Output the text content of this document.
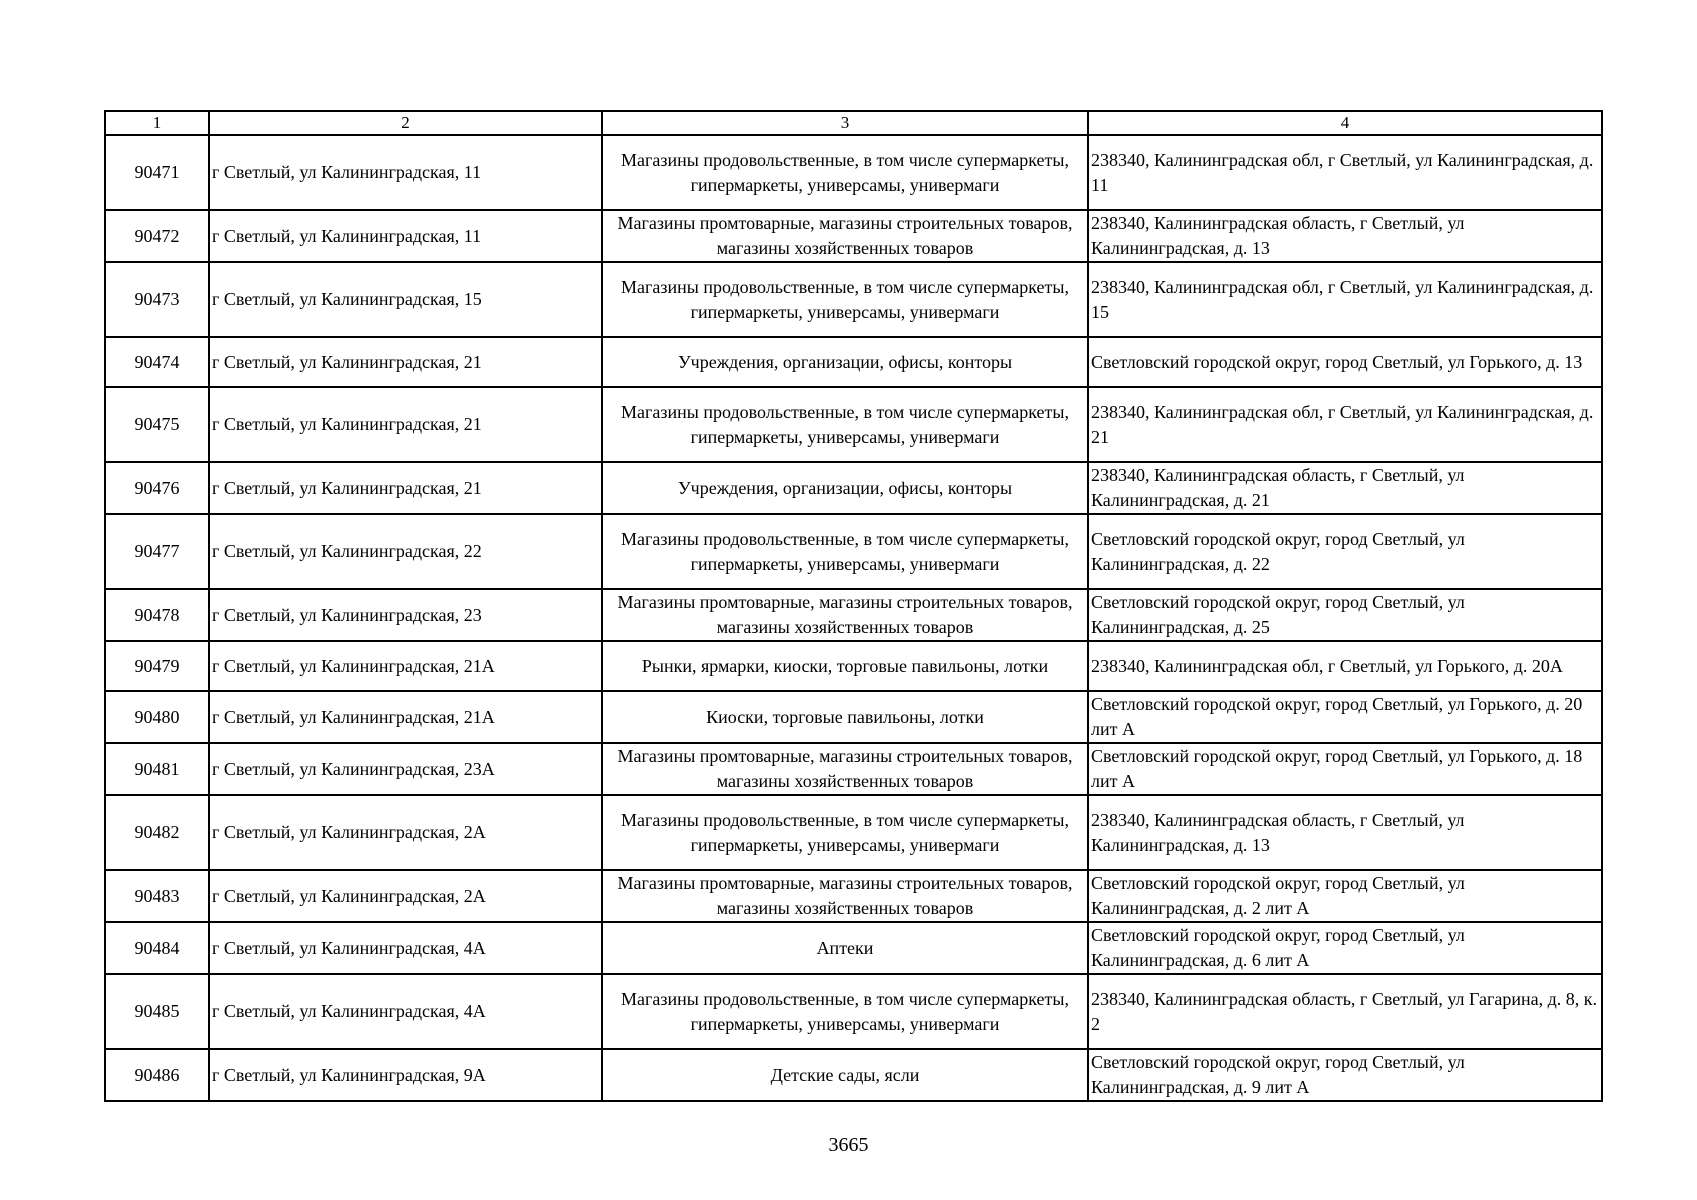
1	2	3	4
90471	г Светлый, ул Калининградская, 11	Магазины продовольственные, в том числе супермаркеты, гипермаркеты, универсамы, универмаги	238340, Калининградская обл, г Светлый, ул Калининградская, д. 11
90472	г Светлый, ул Калининградская, 11	Магазины промтоварные, магазины строительных товаров, магазины хозяйственных товаров	238340, Калининградская область, г Светлый, ул Калининградская, д. 13
90473	г Светлый, ул Калининградская, 15	Магазины продовольственные, в том числе супермаркеты, гипермаркеты, универсамы, универмаги	238340, Калининградская обл, г Светлый, ул Калининградская, д. 15
90474	г Светлый, ул Калининградская, 21	Учреждения, организации, офисы, конторы	Светловский городской округ, город Светлый, ул Горького, д. 13
90475	г Светлый, ул Калининградская, 21	Магазины продовольственные, в том числе супермаркеты, гипермаркеты, универсамы, универмаги	238340, Калининградская обл, г Светлый, ул Калининградская, д. 21
90476	г Светлый, ул Калининградская, 21	Учреждения, организации, офисы, конторы	238340, Калининградская область, г Светлый, ул Калининградская, д. 21
90477	г Светлый, ул Калининградская, 22	Магазины продовольственные, в том числе супермаркеты, гипермаркеты, универсамы, универмаги	Светловский городской округ, город Светлый, ул Калининградская, д. 22
90478	г Светлый, ул Калининградская, 23	Магазины промтоварные, магазины строительных товаров, магазины хозяйственных товаров	Светловский городской округ, город Светлый, ул Калининградская, д. 25
90479	г Светлый, ул Калининградская, 21А	Рынки, ярмарки, киоски, торговые павильоны, лотки	238340, Калининградская обл, г Светлый, ул Горького, д. 20А
90480	г Светлый, ул Калининградская, 21А	Киоски, торговые павильоны, лотки	Светловский городской округ, город Светлый, ул Горького, д. 20 лит А
90481	г Светлый, ул Калининградская, 23А	Магазины промтоварные, магазины строительных товаров, магазины хозяйственных товаров	Светловский городской округ, город Светлый, ул Горького, д. 18 лит А
90482	г Светлый, ул Калининградская, 2А	Магазины продовольственные, в том числе супермаркеты, гипермаркеты, универсамы, универмаги	238340, Калининградская область, г Светлый, ул Калининградская, д. 13
90483	г Светлый, ул Калининградская, 2А	Магазины промтоварные, магазины строительных товаров, магазины хозяйственных товаров	Светловский городской округ, город Светлый, ул Калининградская, д. 2 лит А
90484	г Светлый, ул Калининградская, 4А	Аптеки	Светловский городской округ, город Светлый, ул Калининградская, д. 6 лит А
90485	г Светлый, ул Калининградская, 4А	Магазины продовольственные, в том числе супермаркеты, гипермаркеты, универсамы, универмаги	238340, Калининградская область, г Светлый, ул Гагарина, д. 8, к. 2
90486	г Светлый, ул Калининградская, 9А	Детские сады, ясли	Светловский городской округ, город Светлый, ул Калининградская, д. 9 лит А
3665
